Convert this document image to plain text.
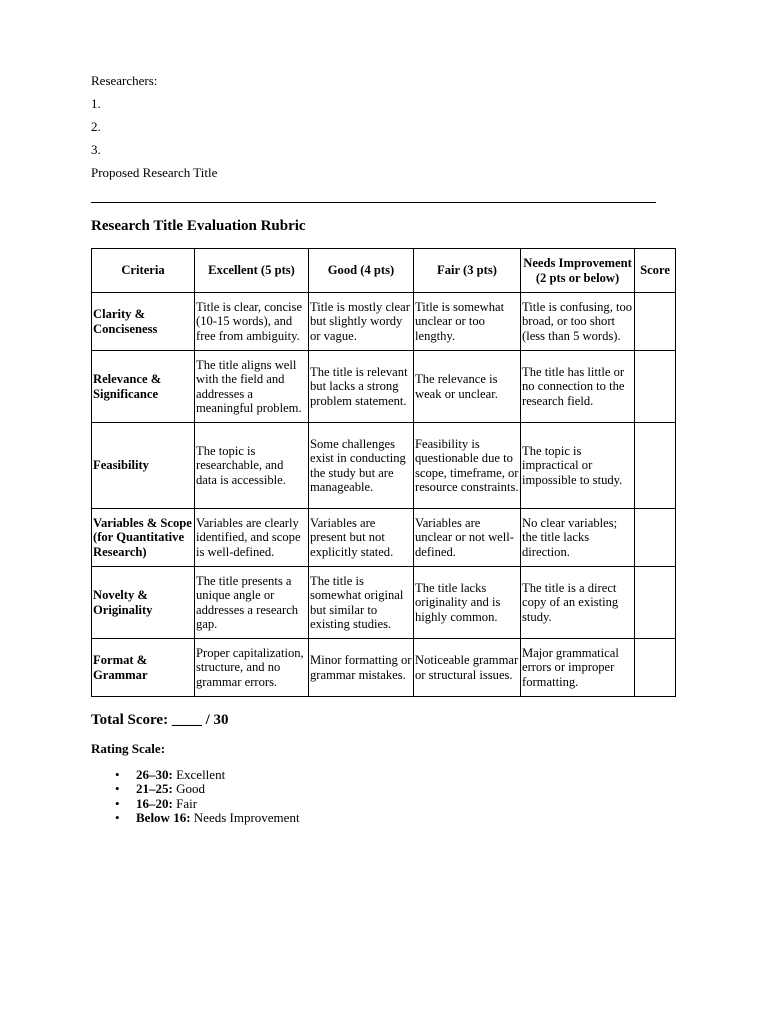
Researchers:
1.
2.
3.
Proposed Research Title
Research Title Evaluation Rubric
Criteria	Excellent (5 pts)	Good (4 pts)	Fair (3 pts)	Needs Improvement (2 pts or below)	Score
Clarity & Conciseness	Title is clear, concise (10-15 words), and free from ambiguity.	Title is mostly clear but slightly wordy or vague.	Title is somewhat unclear or too lengthy.	Title is confusing, too broad, or too short (less than 5 words).	
Relevance & Significance	The title aligns well with the field and addresses a meaningful problem.	The title is relevant but lacks a strong problem statement.	The relevance is weak or unclear.	The title has little or no connection to the research field.	
Feasibility	The topic is researchable, and data is accessible.	Some challenges exist in conducting the study but are manageable.	Feasibility is questionable due to scope, timeframe, or resource constraints.	The topic is impractical or impossible to study.	
Variables & Scope (for Quantitative Research)	Variables are clearly identified, and scope is well-defined.	Variables are present but not explicitly stated.	Variables are unclear or not well-defined.	No clear variables; the title lacks direction.	
Novelty & Originality	The title presents a unique angle or addresses a research gap.	The title is somewhat original but similar to existing studies.	The title lacks originality and is highly common.	The title is a direct copy of an existing study.	
Format & Grammar	Proper capitalization, structure, and no grammar errors.	Minor formatting or grammar mistakes.	Noticeable grammar or structural issues.	Major grammatical errors or improper formatting.	
Total Score: ____ / 30
Rating Scale:
• 26–30: Excellent
• 21–25: Good
• 16–20: Fair
• Below 16: Needs Improvement
